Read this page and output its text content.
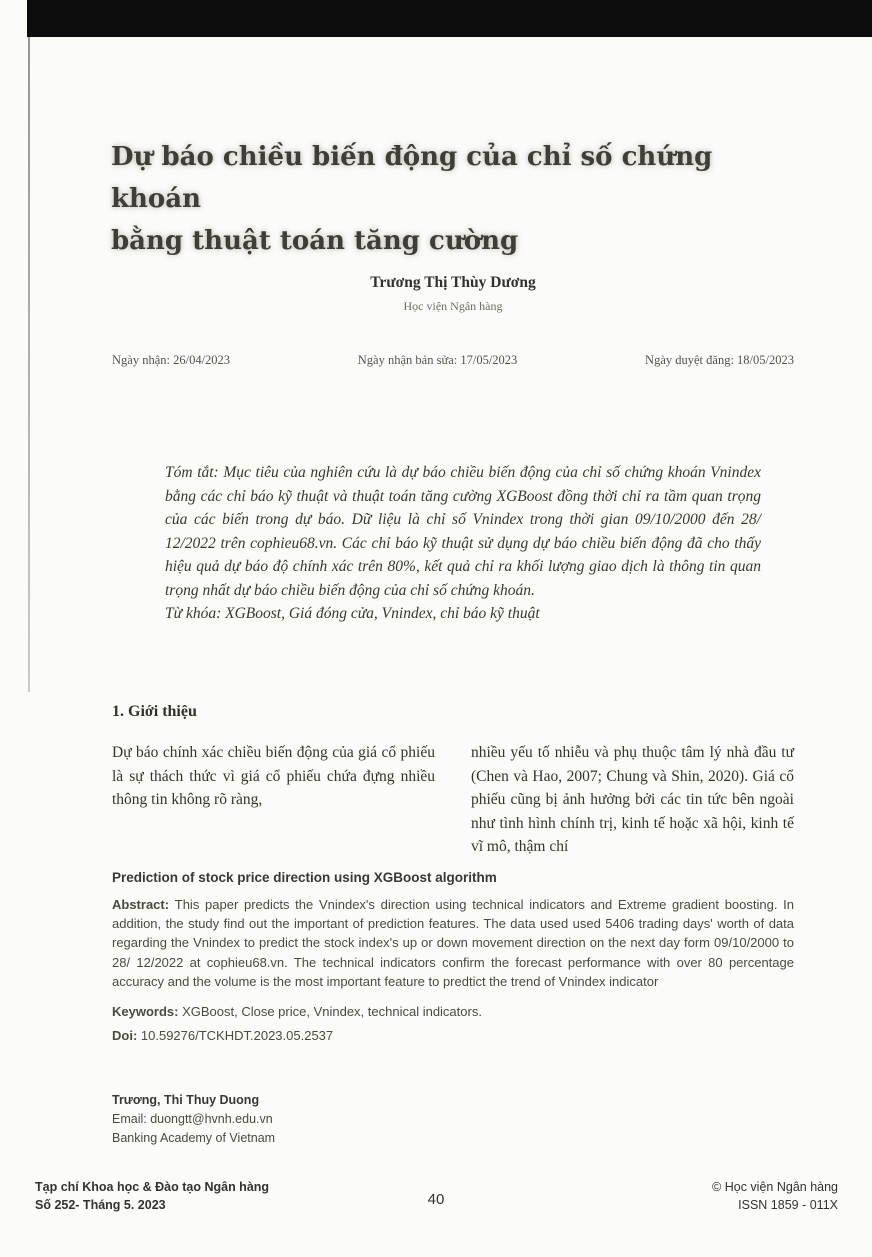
Dự báo chiều biến động của chỉ số chứng khoán
bằng thuật toán tăng cường
Trương Thị Thùy Dương
Học viện Ngân hàng
Ngày nhận: 26/04/2023	Ngày nhận bản sửa: 17/05/2023	Ngày duyệt đăng: 18/05/2023

Tóm tắt: Mục tiêu của nghiên cứu là dự báo chiều biến động của chỉ số chứng khoán Vnindex bằng các chỉ báo kỹ thuật và thuật toán tăng cường XGBoost đồng thời chỉ ra tầm quan trọng của các biến trong dự báo. Dữ liệu là chỉ số Vnindex trong thời gian 09/10/2000 đến 28/ 12/2022 trên cophieu68.vn. Các chỉ báo kỹ thuật sử dụng dự báo chiều biến động đã cho thấy hiệu quả dự báo độ chính xác trên 80%, kết quả chỉ ra khối lượng giao dịch là thông tin quan trọng nhất dự báo chiều biến động của chỉ số chứng khoán.

Từ khóa: XGBoost, Giá đóng cửa, Vnindex, chỉ báo kỹ thuật

1. Giới thiệu
Dự báo chính xác chiều biến động của giá cổ phiếu là sự thách thức vì giá cổ phiếu chứa đựng nhiều thông tin không rõ ràng,
nhiều yếu tố nhiễu và phụ thuộc tâm lý nhà đầu tư (Chen và Hao, 2007; Chung và Shin, 2020). Giá cổ phiếu cũng bị ảnh hưởng bởi các tin tức bên ngoài như tình hình chính trị, kinh tế hoặc xã hội, kinh tế vĩ mô, thậm chí
Prediction of stock price direction using XGBoost algorithm

Abstract: This paper predicts the Vnindex's direction using technical indicators and Extreme gradient boosting. In addition, the study find out the important of prediction features. The data used used 5406 trading days' worth of data regarding the Vnindex to predict the stock index's up or down movement direction on the next day form 09/10/2000 to 28/ 12/2022 at cophieu68.vn. The technical indicators confirm the forecast performance with over 80 percentage accuracy and the volume is the most important feature to predtict the trend of Vnindex indicator

Keywords: XGBoost, Close price, Vnindex, technical indicators.

Doi: 10.59276/TCKHDT.2023.05.2537

Trương, Thi Thuy Duong
Email: duongtt@hvnh.edu.vn
Banking Academy of Vietnam
Tạp chí Khoa học & Đào tạo Ngân hàng
Số 252- Tháng 5. 2023	40
© Học viện Ngân hàng
ISSN 1859 - 011X
